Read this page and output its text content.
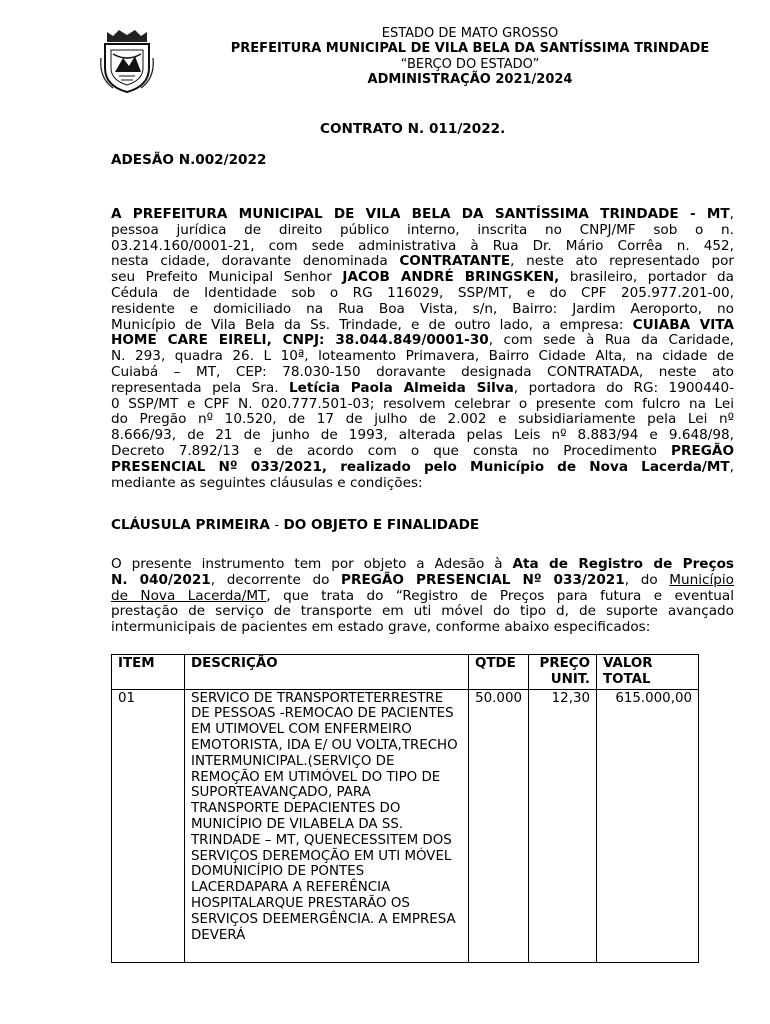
ESTADO DE MATO GROSSO
PREFEITURA MUNICIPAL DE VILA BELA DA SANTÍSSIMA TRINDADE
“BERÇO DO ESTADO”
ADMINISTRAÇÃO 2021/2024
CONTRATO N. 011/2022.
ADESÃO N.002/2022
A PREFEITURA MUNICIPAL DE VILA BELA DA SANTÍSSIMA TRINDADE - MT,
pessoa jurídica de direito público interno, inscrita no CNPJ/MF sob o n.
03.214.160/0001-21, com sede administrativa à Rua Dr. Mário Corrêa n. 452,
nesta cidade, doravante denominada CONTRATANTE, neste ato representado por
seu Prefeito Municipal Senhor JACOB ANDRÉ BRINGSKEN, brasileiro, portador da
Cédula de Identidade sob o RG 116029, SSP/MT, e do CPF 205.977.201-00,
residente e domiciliado na Rua Boa Vista, s/n, Bairro: Jardim Aeroporto, no
Município de Vila Bela da Ss. Trindade, e de outro lado, a empresa: CUIABA VITA
HOME CARE EIRELI, CNPJ: 38.044.849/0001-30, com sede à Rua da Caridade,
N. 293, quadra 26. L 10ª, loteamento Primavera, Bairro Cidade Alta, na cidade de
Cuiabá – MT, CEP: 78.030-150 doravante designada CONTRATADA, neste ato
representada pela Sra. Letícia Paola Almeida Silva, portadora do RG: 1900440-
0 SSP/MT e CPF N. 020.777.501-03; resolvem celebrar o presente com fulcro na Lei
do Pregão nº 10.520, de 17 de julho de 2.002 e subsidiariamente pela Lei nº
8.666/93, de 21 de junho de 1993, alterada pelas Leis nº 8.883/94 e 9.648/98,
Decreto 7.892/13 e de acordo com o que consta no Procedimento PREGÃO
PRESENCIAL Nº 033/2021, realizado pelo Município de Nova Lacerda/MT,
mediante as seguintes cláusulas e condições:
CLÁUSULA PRIMEIRA - DO OBJETO E FINALIDADE
O presente instrumento tem por objeto a Adesão à Ata de Registro de Preços
N. 040/2021, decorrente do PREGÃO PRESENCIAL Nº 033/2021, do Município
de Nova Lacerda/MT, que trata do “Registro de Preços para futura e eventual
prestação de serviço de transporte em uti móvel do tipo d, de suporte avançado
intermunicipais de pacientes em estado grave, conforme abaixo especificados:
ITEM	DESCRIÇÃO	QTDE	PREÇO UNIT.	VALOR TOTAL
01	SERVICO DE TRANSPORTETERRESTRE DE PESSOAS -REMOCAO DE PACIENTES EM UTIMOVEL COM ENFERMEIRO EMOTORISTA, IDA E/ OU VOLTA,TRECHO INTERMUNICIPAL.(SERVIÇO DE REMOÇÃO EM UTIMÓVEL DO TIPO DE SUPORTEAVANÇADO, PARA TRANSPORTE DEPACIENTES DO MUNICÍPIO DE VILABELA DA SS. TRINDADE – MT, QUENECESSITEM DOS SERVIÇOS DEREMOÇÃO EM UTI MÓVEL DOMUNICÍPIO DE PONTES LACERDAPARA A REFERÊNCIA HOSPITALARQUE PRESTARÃO OS SERVIÇOS DEEMERGÊNCIA. A EMPRESA DEVERÁ	50.000	12,30	615.000,00
